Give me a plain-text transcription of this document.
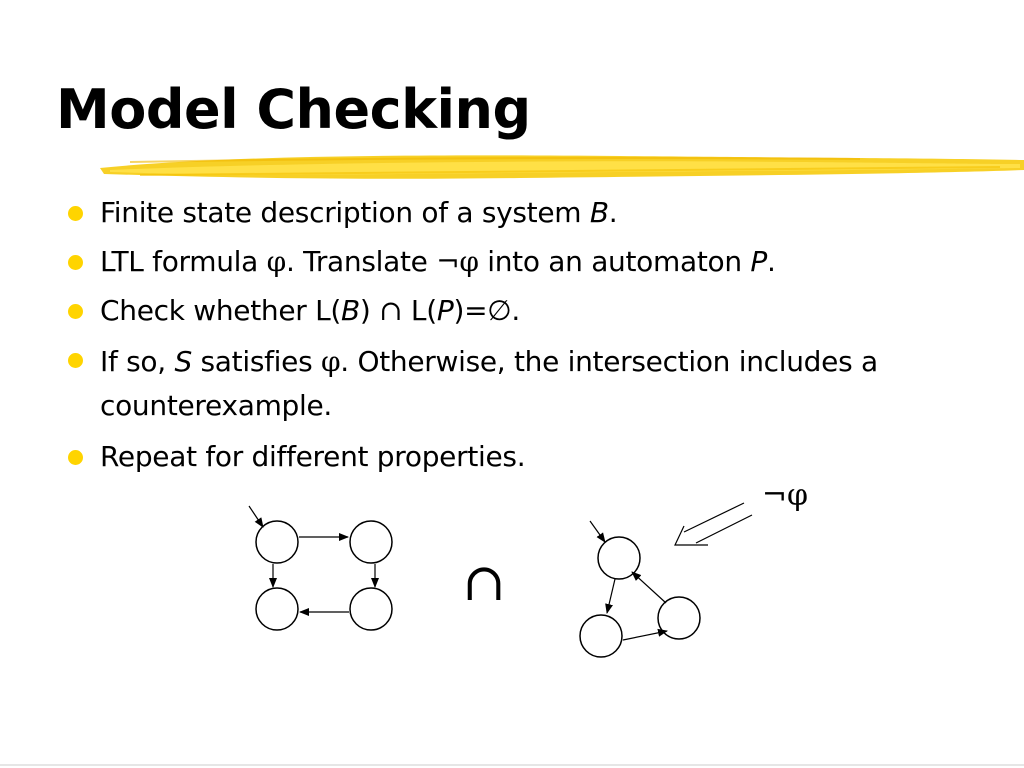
Model Checking
Finite state description of a system B.
LTL formula φ. Translate ¬φ into an automaton P.
Check whether L(B) ∩ L(P)=∅.
If so, S satisfies φ. Otherwise, the intersection includes a counterexample.
Repeat for different properties.
∩
¬φ
